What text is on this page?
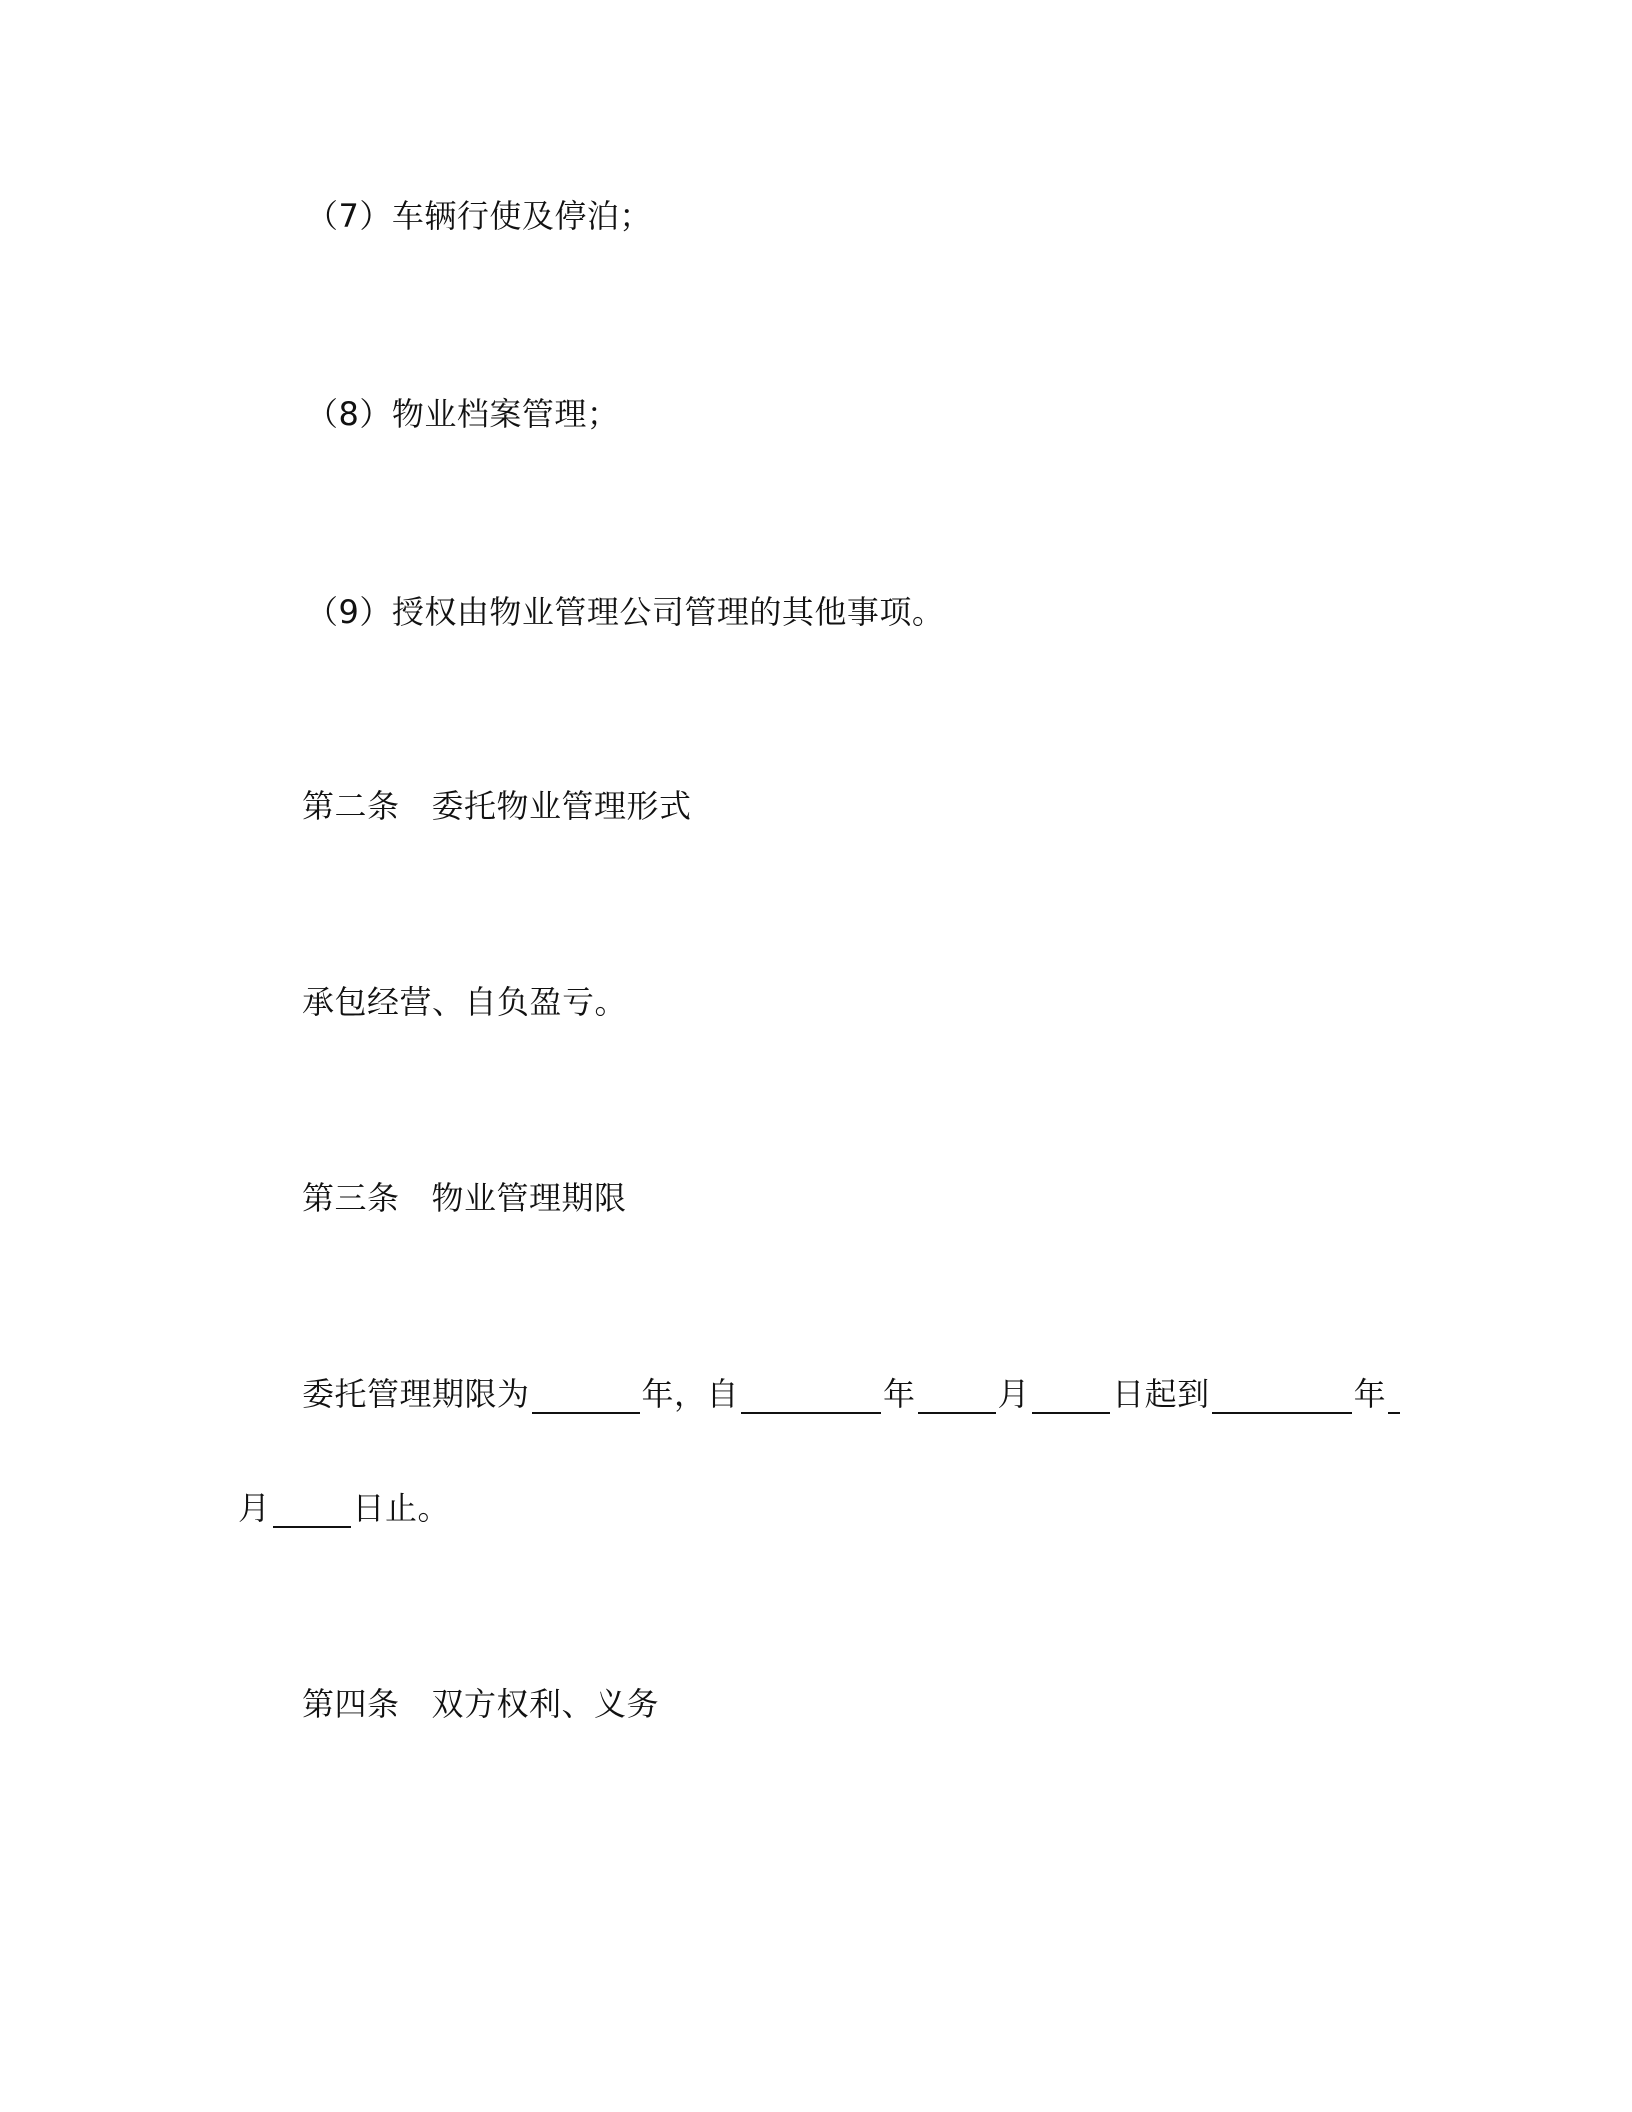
（7）车辆行使及停泊；
（8）物业档案管理；
（9）授权由物业管理公司管理的其他事项。
第二条 委托物业管理形式
承包经营、自负盈亏。
第三条 物业管理期限
委托管理期限为	年，自	年	月	日起到	年
月	日止。
第四条 双方权利、义务
